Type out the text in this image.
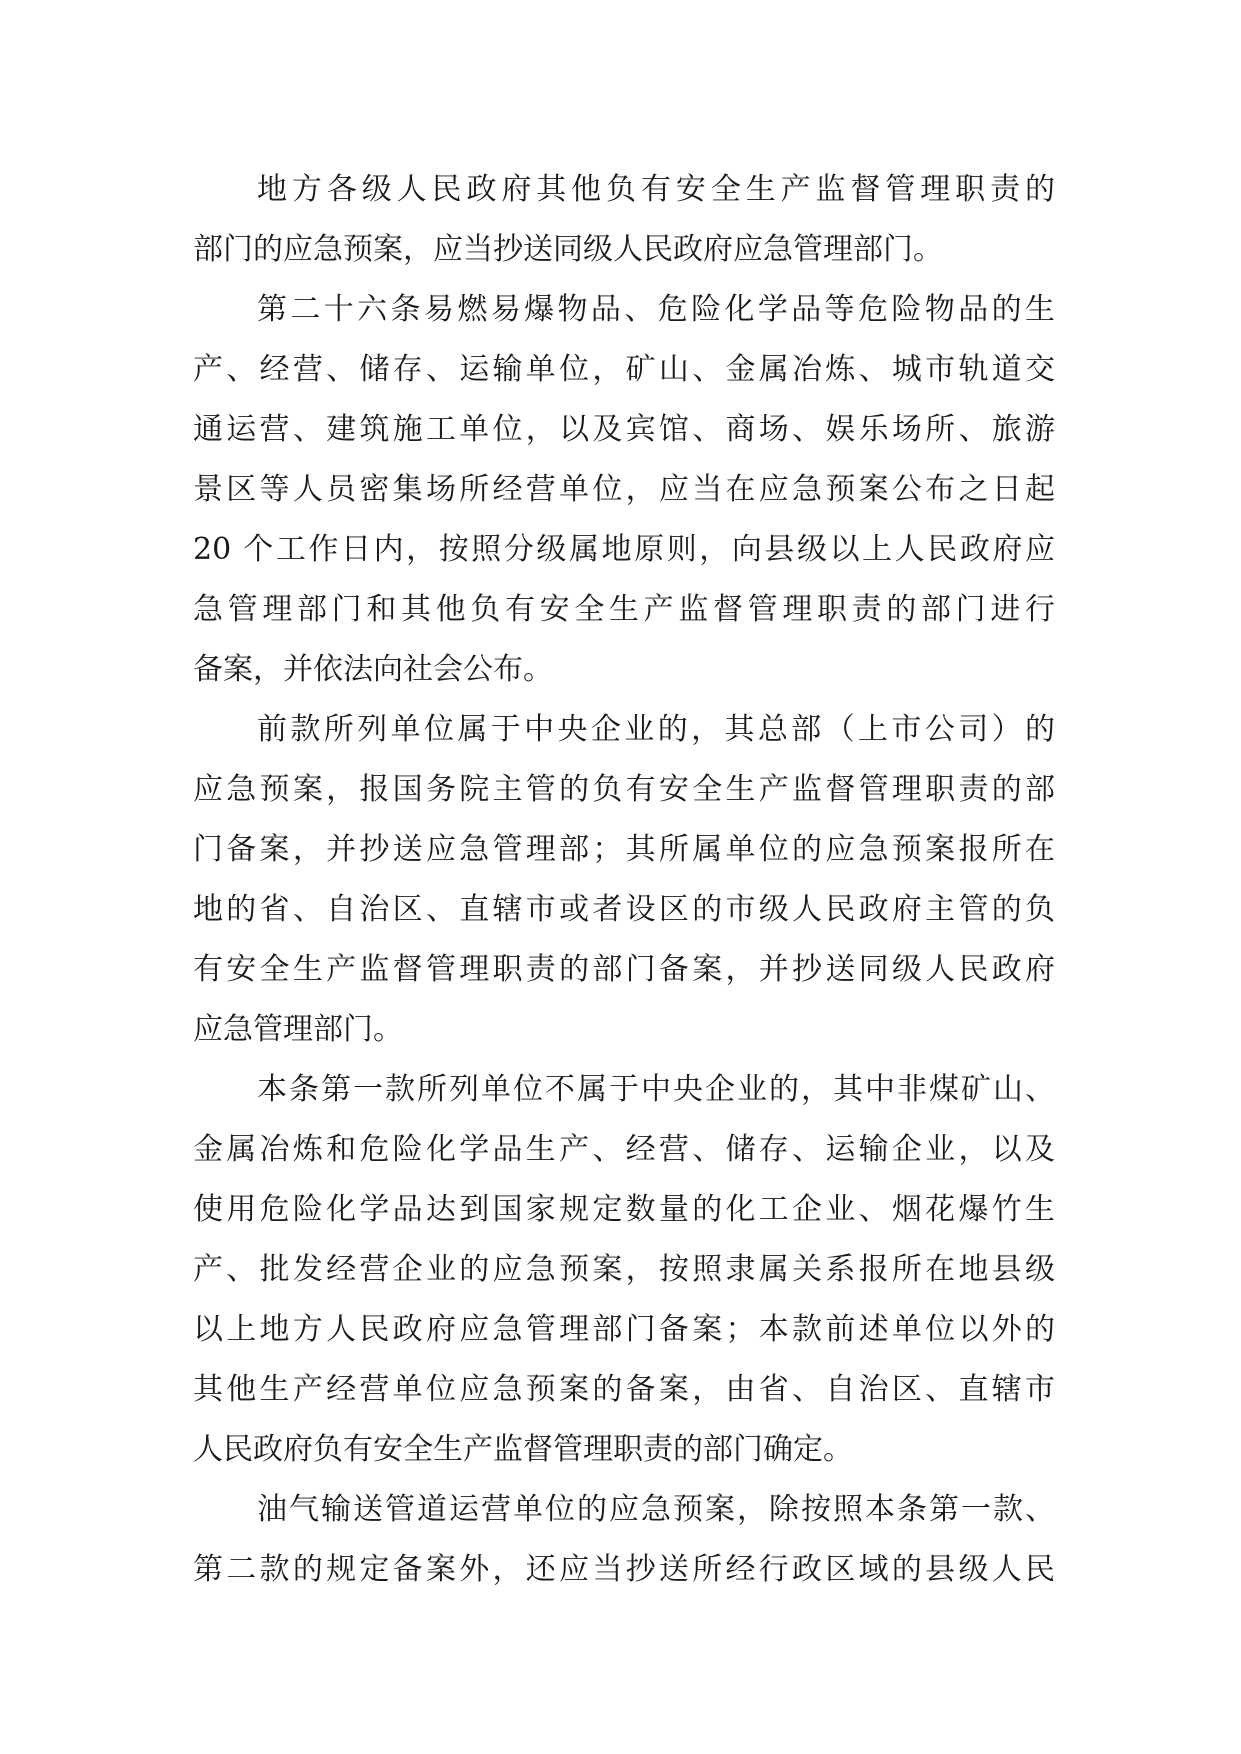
地方各级人民政府其他负有安全生产监督管理职责的
部门的应急预案，应当抄送同级人民政府应急管理部门。
第二十六条易燃易爆物品、危险化学品等危险物品的生
产、经营、储存、运输单位，矿山、金属冶炼、城市轨道交
通运营、建筑施工单位，以及宾馆、商场、娱乐场所、旅游
景区等人员密集场所经营单位，应当在应急预案公布之日起
20 个工作日内，按照分级属地原则，向县级以上人民政府应
急管理部门和其他负有安全生产监督管理职责的部门进行
备案，并依法向社会公布。
前款所列单位属于中央企业的，其总部（上市公司）的
应急预案，报国务院主管的负有安全生产监督管理职责的部
门备案，并抄送应急管理部；其所属单位的应急预案报所在
地的省、自治区、直辖市或者设区的市级人民政府主管的负
有安全生产监督管理职责的部门备案，并抄送同级人民政府
应急管理部门。
本条第一款所列单位不属于中央企业的，其中非煤矿山、
金属冶炼和危险化学品生产、经营、储存、运输企业，以及
使用危险化学品达到国家规定数量的化工企业、烟花爆竹生
产、批发经营企业的应急预案，按照隶属关系报所在地县级
以上地方人民政府应急管理部门备案；本款前述单位以外的
其他生产经营单位应急预案的备案，由省、自治区、直辖市
人民政府负有安全生产监督管理职责的部门确定。
油气输送管道运营单位的应急预案，除按照本条第一款、
第二款的规定备案外，还应当抄送所经行政区域的县级人民
